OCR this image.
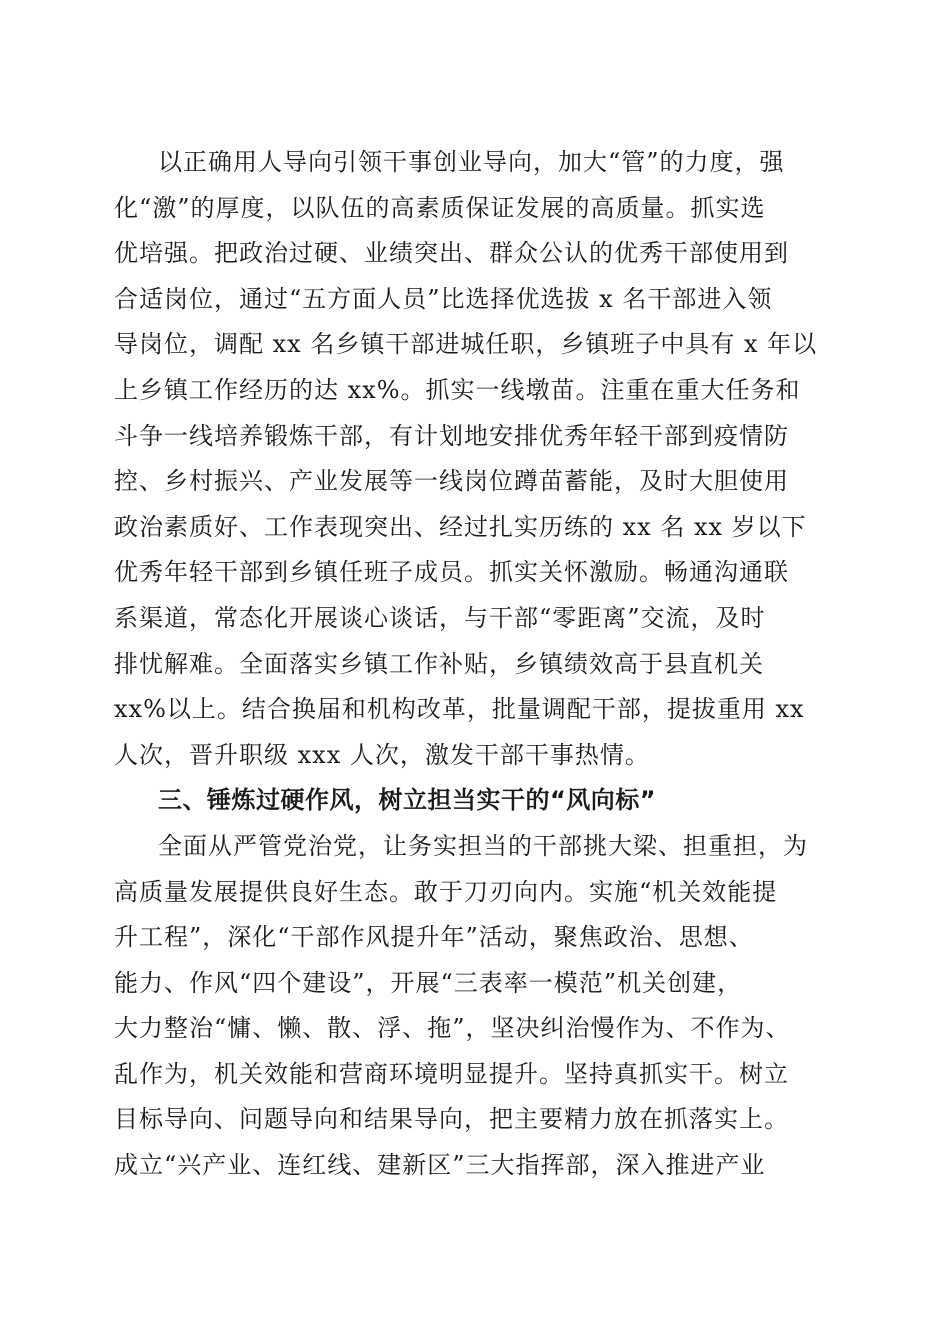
以正确用人导向引领干事创业导向，加大“管”的力度，强
化“激”的厚度，以队伍的高素质保证发展的高质量。抓实选
优培强。把政治过硬、业绩突出、群众公认的优秀干部使用到
合适岗位，通过“五方面人员”比选择优选拔 x 名干部进入领
导岗位，调配 xx 名乡镇干部进城任职，乡镇班子中具有 x 年以
上乡镇工作经历的达 xx%。抓实一线墩苗。注重在重大任务和
斗争一线培养锻炼干部，有计划地安排优秀年轻干部到疫情防
控、乡村振兴、产业发展等一线岗位蹲苗蓄能，及时大胆使用
政治素质好、工作表现突出、经过扎实历练的 xx 名 xx 岁以下
优秀年轻干部到乡镇任班子成员。抓实关怀激励。畅通沟通联
系渠道，常态化开展谈心谈话，与干部“零距离”交流，及时
排忧解难。全面落实乡镇工作补贴，乡镇绩效高于县直机关
xx%以上。结合换届和机构改革，批量调配干部，提拔重用 xx
人次，晋升职级 xxx 人次，激发干部干事热情。
三、锤炼过硬作风，树立担当实干的“风向标”
全面从严管党治党，让务实担当的干部挑大梁、担重担，为
高质量发展提供良好生态。敢于刀刃向内。实施“机关效能提
升工程”，深化“干部作风提升年”活动，聚焦政治、思想、
能力、作风“四个建设”，开展“三表率一模范”机关创建，
大力整治“慵、懒、散、浮、拖”，坚决纠治慢作为、不作为、
乱作为，机关效能和营商环境明显提升。坚持真抓实干。树立
目标导向、问题导向和结果导向，把主要精力放在抓落实上。
成立“兴产业、连红线、建新区”三大指挥部，深入推进产业
